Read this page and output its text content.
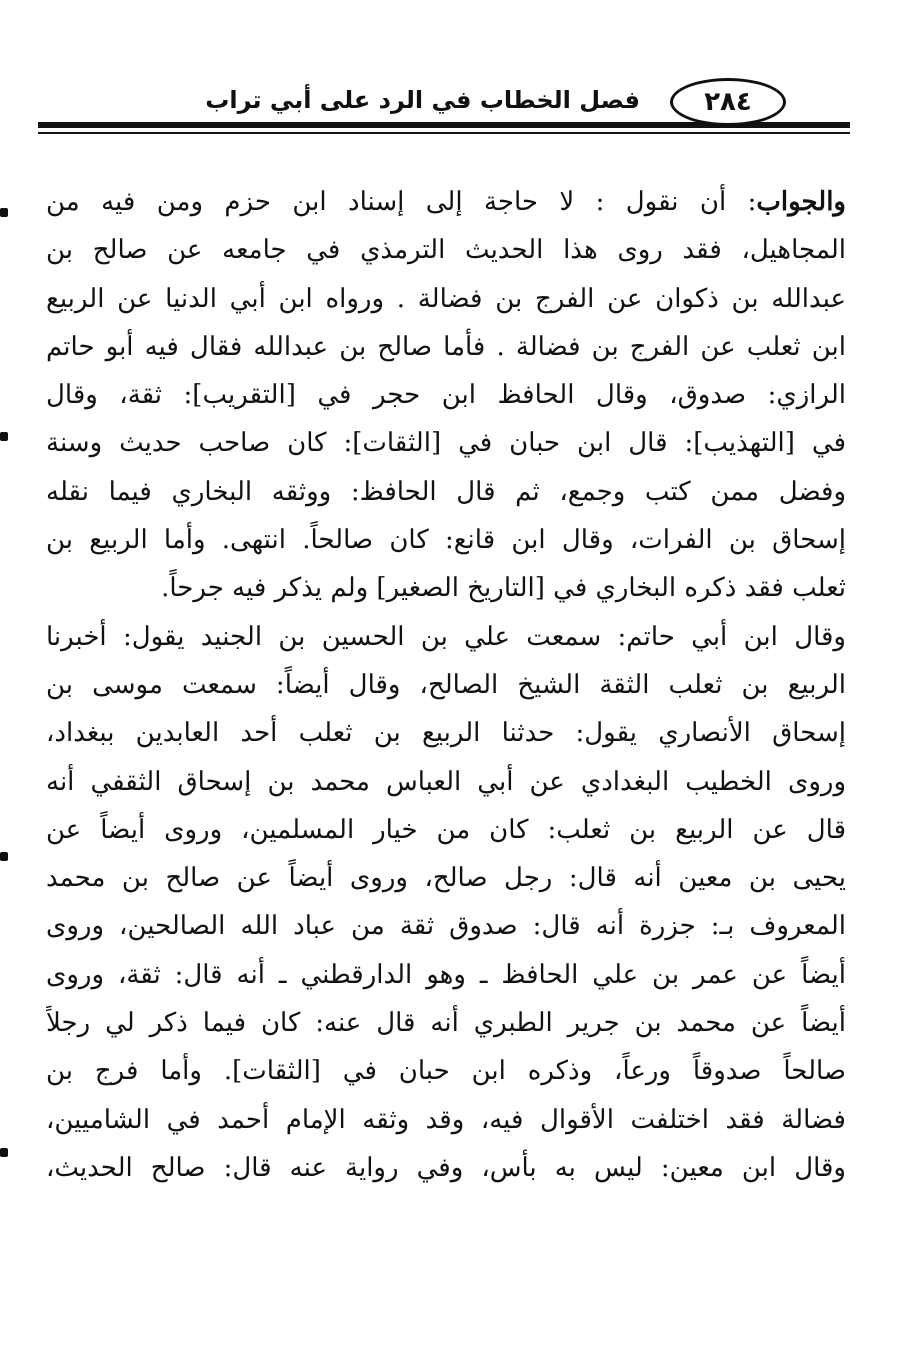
فصل الخطاب في الرد على أبي تراب ٢٨٤
والجواب: أن نقول : لا حاجة إلى إسناد ابن حزم ومن فيه من
المجاهيل، فقد روى هذا الحديث الترمذي في جامعه عن صالح بن
عبدالله بن ذكوان عن الفرج بن فضالة . ورواه ابن أبي الدنيا عن الربيع
ابن ثعلب عن الفرج بن فضالة . فأما صالح بن عبدالله فقال فيه أبو حاتم
الرازي: صدوق، وقال الحافظ ابن حجر في [التقريب]: ثقة، وقال
في [التهذيب]: قال ابن حبان في [الثقات]: كان صاحب حديث وسنة
وفضل ممن كتب وجمع، ثم قال الحافظ: ووثقه البخاري فيما نقله
إسحاق بن الفرات، وقال ابن قانع: كان صالحاً. انتهى. وأما الربيع بن
ثعلب فقد ذكره البخاري في [التاريخ الصغير] ولم يذكر فيه جرحاً.
وقال ابن أبي حاتم: سمعت علي بن الحسين بن الجنيد يقول: أخبرنا
الربيع بن ثعلب الثقة الشيخ الصالح، وقال أيضاً: سمعت موسى بن
إسحاق الأنصاري يقول: حدثنا الربيع بن ثعلب أحد العابدين ببغداد،
وروى الخطيب البغدادي عن أبي العباس محمد بن إسحاق الثقفي أنه
قال عن الربيع بن ثعلب: كان من خيار المسلمين، وروى أيضاً عن
يحيى بن معين أنه قال: رجل صالح، وروى أيضاً عن صالح بن محمد
المعروف بـ: جزرة أنه قال: صدوق ثقة من عباد الله الصالحين، وروى
أيضاً عن عمر بن علي الحافظ ـ وهو الدارقطني ـ أنه قال: ثقة، وروى
أيضاً عن محمد بن جرير الطبري أنه قال عنه: كان فيما ذكر لي رجلاً
صالحاً صدوقاً ورعاً، وذكره ابن حبان في [الثقات]. وأما فرج بن
فضالة فقد اختلفت الأقوال فيه، وقد وثقه الإمام أحمد في الشاميين،
وقال ابن معين: ليس به بأس، وفي رواية عنه قال: صالح الحديث،
